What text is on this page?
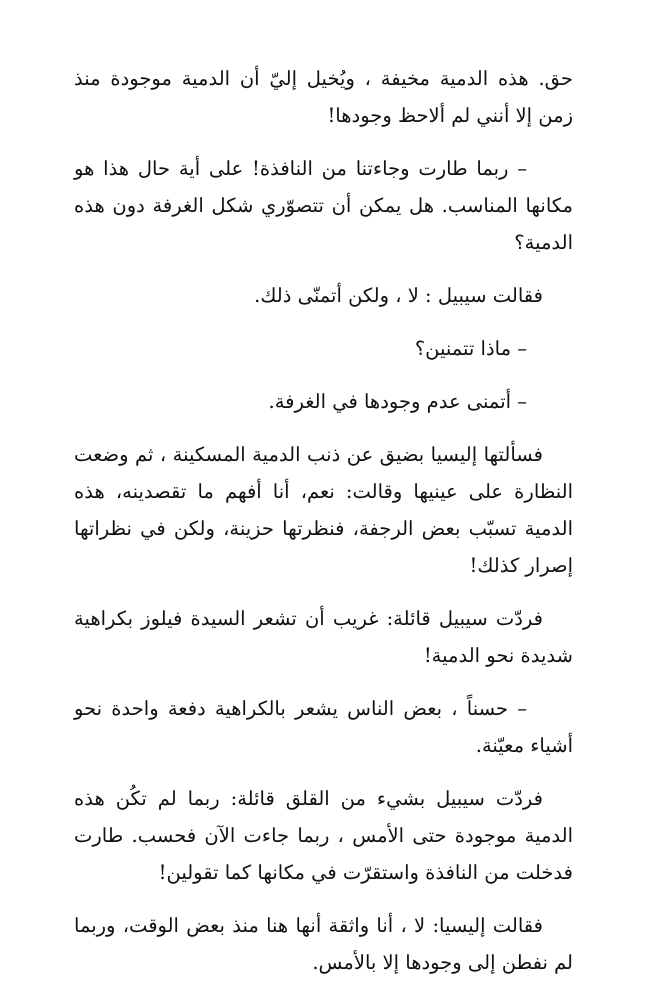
حق. هذه الدمية مخيفة ، ويُخيل إليّ أن الدمية موجودة منذ زمن إلا أنني لم ألاحظ وجودها!

– ربما طارت وجاءتنا من النافذة! على أية حال هذا هو مكانها المناسب. هل يمكن أن تتصوّري شكل الغرفة دون هذه الدمية؟

فقالت سيبيل : لا ، ولكن أتمنّى ذلك.

– ماذا تتمنين؟

– أتمنى عدم وجودها في الغرفة.

فسألتها إليسيا بضيق عن ذنب الدمية المسكينة ، ثم وضعت النظارة على عينيها وقالت: نعم، أنا أفهم ما تقصدينه، هذه الدمية تسبّب بعض الرجفة، فنظرتها حزينة، ولكن في نظراتها إصرار كذلك!

فردّت سيبيل قائلة: غريب أن تشعر السيدة فيلوز بكراهية شديدة نحو الدمية!

– حسناً ، بعض الناس يشعر بالكراهية دفعة واحدة نحو أشياء معيّنة.

فردّت سيبيل بشيء من القلق قائلة: ربما لم تكُن هذه الدمية موجودة حتى الأمس ، ربما جاءت الآن فحسب. طارت فدخلت من النافذة واستقرّت في مكانها كما تقولين!

فقالت إليسيا: لا ، أنا واثقة أنها هنا منذ بعض الوقت، وربما لم نفطن إلى وجودها إلا بالأمس.
